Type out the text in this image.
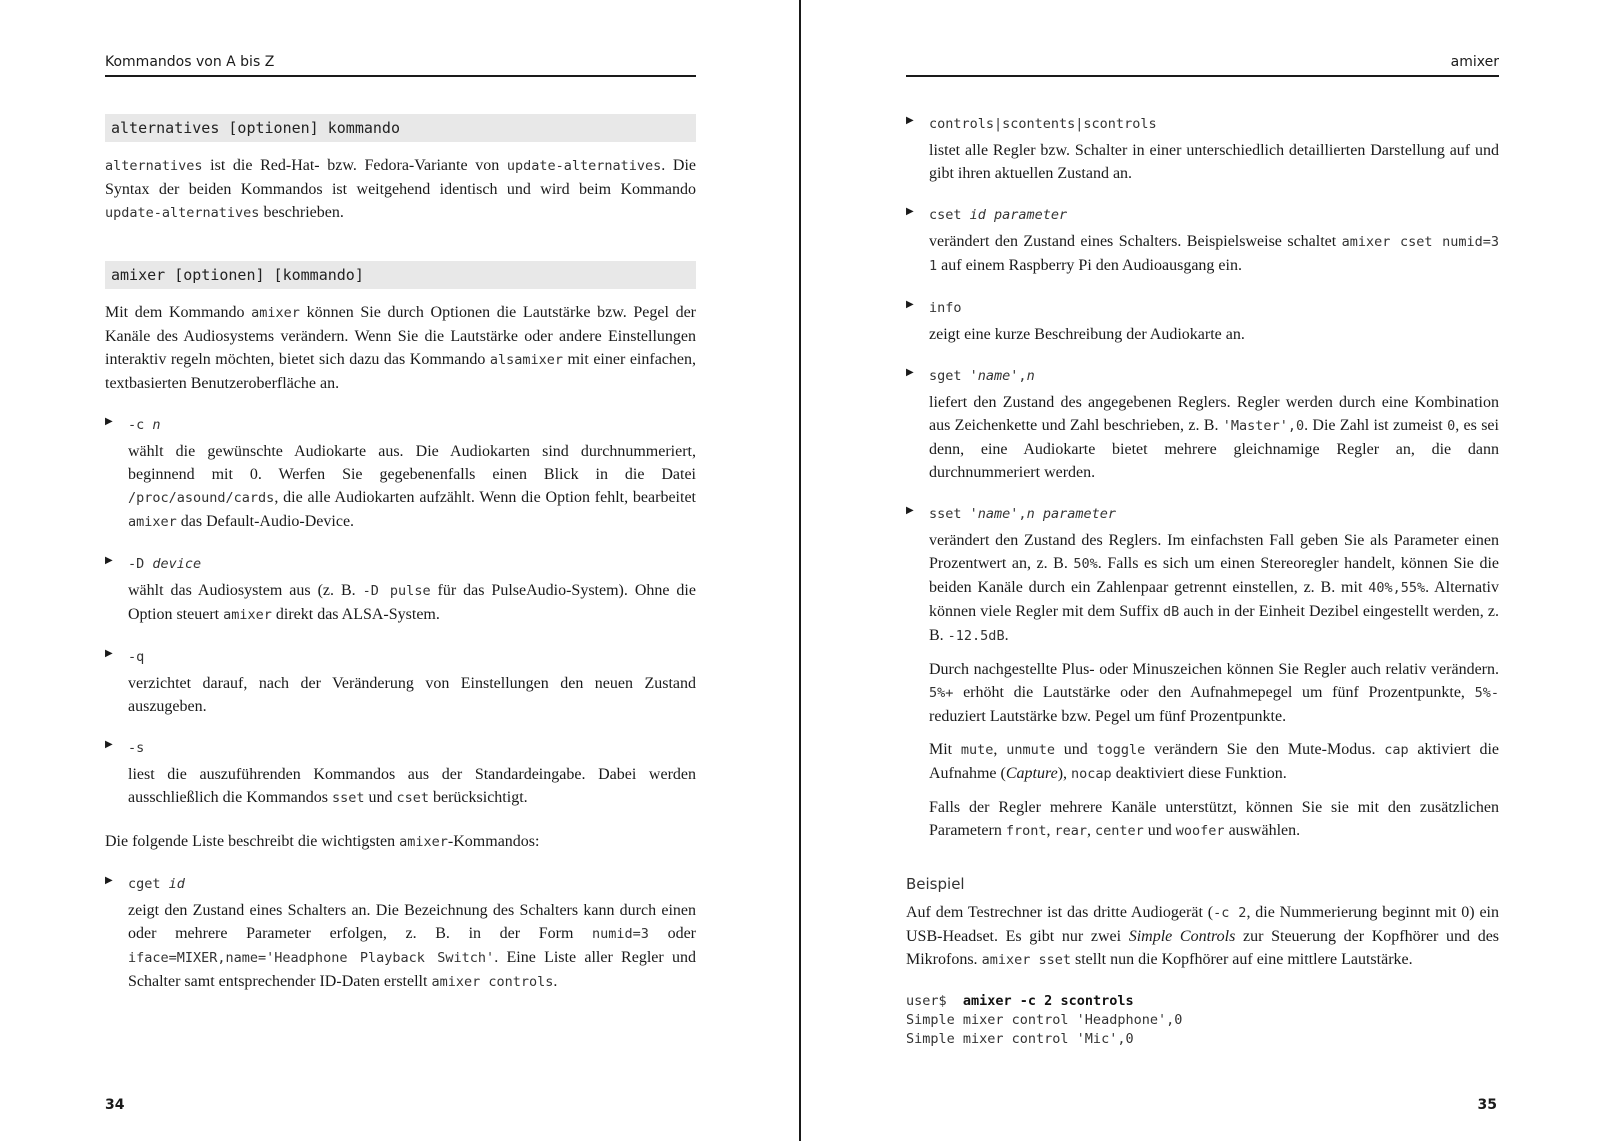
Kommandos von A bis Z
alternatives [optionen] kommando

alternatives ist die Red-Hat- bzw. Fedora-Variante von update-alternatives. Die Syntax der beiden Kommandos ist weitgehend identisch und wird beim Kommando update-alternatives beschrieben.

amixer [optionen] [kommando]

Mit dem Kommando amixer können Sie durch Optionen die Lautstärke bzw. Pegel der Kanäle des Audiosystems verändern. Wenn Sie die Lautstärke oder andere Einstellungen interaktiv regeln möchten, bietet sich dazu das Kommando alsamixer mit einer einfachen, textbasierten Benutzeroberfläche an.

▶ -c n

wählt die gewünschte Audiokarte aus. Die Audiokarten sind durchnummeriert, beginnend mit 0. Werfen Sie gegebenenfalls einen Blick in die Datei /proc/asound/cards, die alle Audiokarten aufzählt. Wenn die Option fehlt, bearbeitet amixer das Default-Audio-Device.

▶ -D device

wählt das Audiosystem aus (z. B. -D pulse für das PulseAudio-System). Ohne die Option steuert amixer direkt das ALSA-System.

▶ -q

verzichtet darauf, nach der Veränderung von Einstellungen den neuen Zustand auszugeben.

▶ -s

liest die auszuführenden Kommandos aus der Standardeingabe. Dabei werden ausschließlich die Kommandos sset und cset berücksichtigt.

Die folgende Liste beschreibt die wichtigsten amixer-Kommandos:

▶ cget id

zeigt den Zustand eines Schalters an. Die Bezeichnung des Schalters kann durch einen oder mehrere Parameter erfolgen, z. B. in der Form numid=3 oder iface=MIXER,name='Headphone Playback Switch'. Eine Liste aller Regler und Schalter samt entsprechender ID-Daten erstellt amixer controls.

34
amixer
▶ controls|scontents|scontrols

listet alle Regler bzw. Schalter in einer unterschiedlich detaillierten Darstellung auf und gibt ihren aktuellen Zustand an.

▶ cset id parameter

verändert den Zustand eines Schalters. Beispielsweise schaltet amixer cset numid=3 1 auf einem Raspberry Pi den Audioausgang ein.

▶ info

zeigt eine kurze Beschreibung der Audiokarte an.

▶ sget 'name',n

liefert den Zustand des angegebenen Reglers. Regler werden durch eine Kombination aus Zeichenkette und Zahl beschrieben, z. B. 'Master',0. Die Zahl ist zumeist 0, es sei denn, eine Audiokarte bietet mehrere gleichnamige Regler an, die dann durchnummeriert werden.

▶ sset 'name',n parameter

verändert den Zustand des Reglers. Im einfachsten Fall geben Sie als Parameter einen Prozentwert an, z. B. 50%. Falls es sich um einen Stereoregler handelt, können Sie die beiden Kanäle durch ein Zahlenpaar getrennt einstellen, z. B. mit 40%,55%. Alternativ können viele Regler mit dem Suffix dB auch in der Einheit Dezibel eingestellt werden, z. B. -12.5dB.

Durch nachgestellte Plus- oder Minuszeichen können Sie Regler auch relativ verändern. 5%+ erhöht die Lautstärke oder den Aufnahmepegel um fünf Prozentpunkte, 5%- reduziert Lautstärke bzw. Pegel um fünf Prozentpunkte.

Mit mute, unmute und toggle verändern Sie den Mute-Modus. cap aktiviert die Aufnahme (Capture), nocap deaktiviert diese Funktion.

Falls der Regler mehrere Kanäle unterstützt, können Sie sie mit den zusätzlichen Parametern front, rear, center und woofer auswählen.

Beispiel

Auf dem Testrechner ist das dritte Audiogerät (-c 2, die Nummerierung beginnt mit 0) ein USB-Headset. Es gibt nur zwei Simple Controls zur Steuerung der Kopfhörer und des Mikrofons. amixer sset stellt nun die Kopfhörer auf eine mittlere Lautstärke.

user$ amixer -c 2 scontrols
Simple mixer control 'Headphone',0
Simple mixer control 'Mic',0
35
